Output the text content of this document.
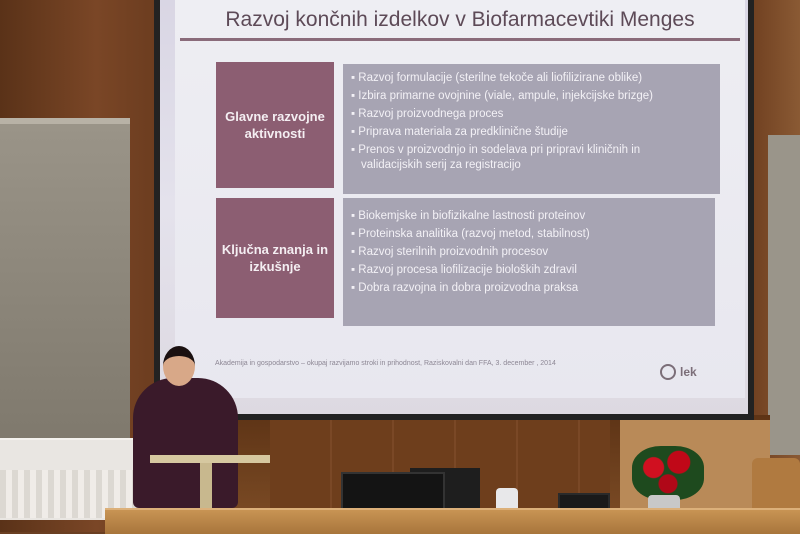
Razvoj končnih izdelkov v Biofarmacevtiki Menges
Glavne razvojne aktivnosti
▪ Razvoj formulacije (sterilne tekoče ali liofilizirane oblike)
▪ Izbira primarne ovojnine (viale, ampule, injekcijske brizge)
▪ Razvoj proizvodnega proces
▪ Priprava materiala za predklinične študije
▪ Prenos v proizvodnjo in sodelava pri pripravi kliničnih in
validacijskih serij za registracijo
Ključna znanja in izkušnje
▪ Biokemjske in biofizikalne lastnosti proteinov
▪ Proteinska analitika (razvoj metod, stabilnost)
▪ Razvoj sterilnih proizvodnih procesov
▪ Razvoj procesa liofilizacije bioloških zdravil
▪ Dobra razvojna in dobra proizvodna praksa
Akademija in gospodarstvo – okupaj razvijamo stroki in prihodnost, Raziskovalni dan FFA, 3. december , 2014
lek
